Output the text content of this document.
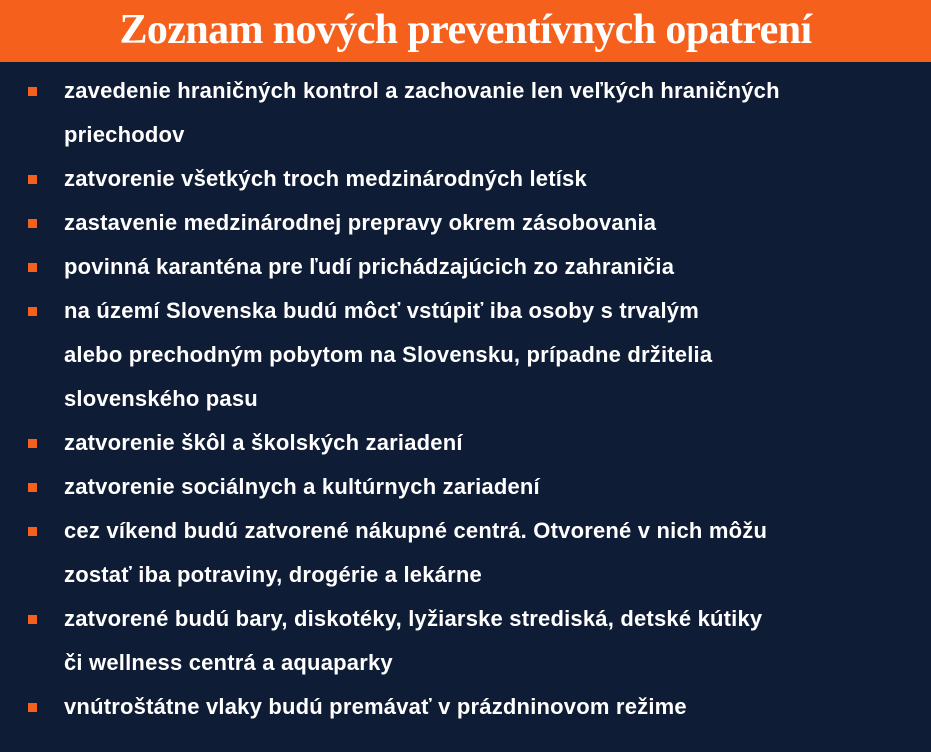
Zoznam nových preventívnych opatrení
zavedenie hraničných kontrol a zachovanie len veľkých hraničných
priechodov
zatvorenie všetkých troch medzinárodných letísk
zastavenie medzinárodnej prepravy okrem zásobovania
povinná karanténa pre ľudí prichádzajúcich zo zahraničia
na území Slovenska budú môcť vstúpiť iba osoby s trvalým
alebo prechodným pobytom na Slovensku, prípadne držitelia
slovenského pasu
zatvorenie škôl a školských zariadení
zatvorenie sociálnych a kultúrnych zariadení
cez víkend budú zatvorené nákupné centrá. Otvorené v nich môžu
zostať iba potraviny, drogérie a lekárne
zatvorené budú bary, diskotéky, lyžiarske strediská, detské kútiky
či wellness centrá a aquaparky
vnútroštátne vlaky budú premávať v prázdninovom režime
